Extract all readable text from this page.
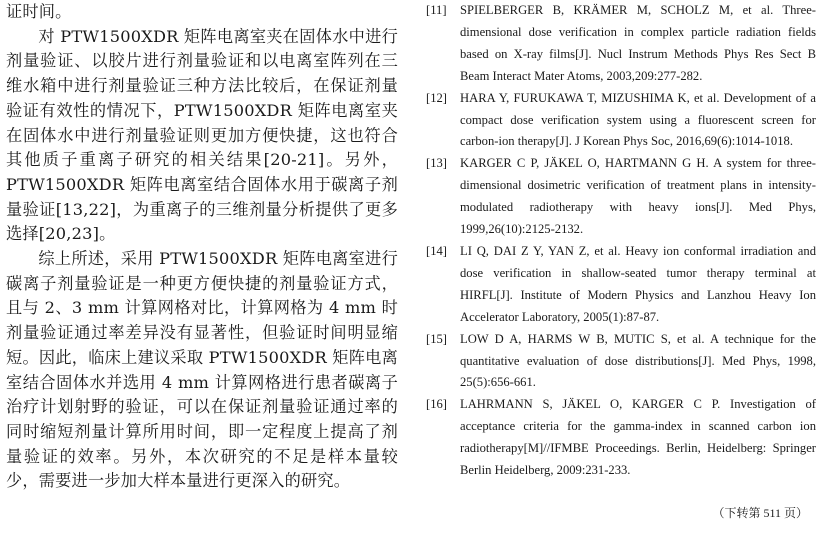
证时间。

对 PTW1500XDR 矩阵电离室夹在固体水中进行剂量验证、以胶片进行剂量验证和以电离室阵列在三维水箱中进行剂量验证三种方法比较后，在保证剂量验证有效性的情况下，PTW1500XDR 矩阵电离室夹在固体水中进行剂量验证则更加方便快捷，这也符合其他质子重离子研究的相关结果[20-21]。另外，PTW1500XDR 矩阵电离室结合固体水用于碳离子剂量验证[13,22]，为重离子的三维剂量分析提供了更多选择[20,23]。

综上所述，采用 PTW1500XDR 矩阵电离室进行碳离子剂量验证是一种更方便快捷的剂量验证方式，且与 2、3 mm 计算网格对比，计算网格为 4 mm 时剂量验证通过率差异没有显著性，但验证时间明显缩短。因此，临床上建议采取 PTW1500XDR 矩阵电离室结合固体水并选用 4 mm 计算网格进行患者碳离子治疗计划射野的验证，可以在保证剂量验证通过率的同时缩短剂量计算所用时间，即一定程度上提高了剂量验证的效率。另外，本次研究的不足是样本量较少，需要进一步加大样本量进行更深入的研究。

[11]	SPIELBERGER B, KRÄMER M, SCHOLZ M, et al. Three-dimensional dose verification in complex particle radiation fields based on X-ray films[J]. Nucl Instrum Methods Phys Res Sect B Beam Interact Mater Atoms, 2003,209:277-282.
[12]	HARA Y, FURUKAWA T, MIZUSHIMA K, et al. Development of a compact dose verification system using a fluorescent screen for carbon-ion therapy[J]. J Korean Phys Soc, 2016,69(6):1014-1018.
[13]	KARGER C P, JÄKEL O, HARTMANN G H. A system for three-dimensional dosimetric verification of treatment plans in intensity-modulated radiotherapy with heavy ions[J]. Med Phys, 1999,26(10):2125-2132.
[14]	LI Q, DAI Z Y, YAN Z, et al. Heavy ion conformal irradiation and dose verification in shallow-seated tumor therapy terminal at HIRFL[J]. Institute of Modern Physics and Lanzhou Heavy Ion Accelerator Laboratory, 2005(1):87-87.
[15]	LOW D A, HARMS W B, MUTIC S, et al. A technique for the quantitative evaluation of dose distributions[J]. Med Phys, 1998, 25(5):656-661.
[16]	LAHRMANN S, JÄKEL O, KARGER C P. Investigation of acceptance criteria for the gamma-index in scanned carbon ion radiotherapy[M]//IFMBE Proceedings. Berlin, Heidelberg: Springer Berlin Heidelberg, 2009:231-233.
（下转第 511 页）
